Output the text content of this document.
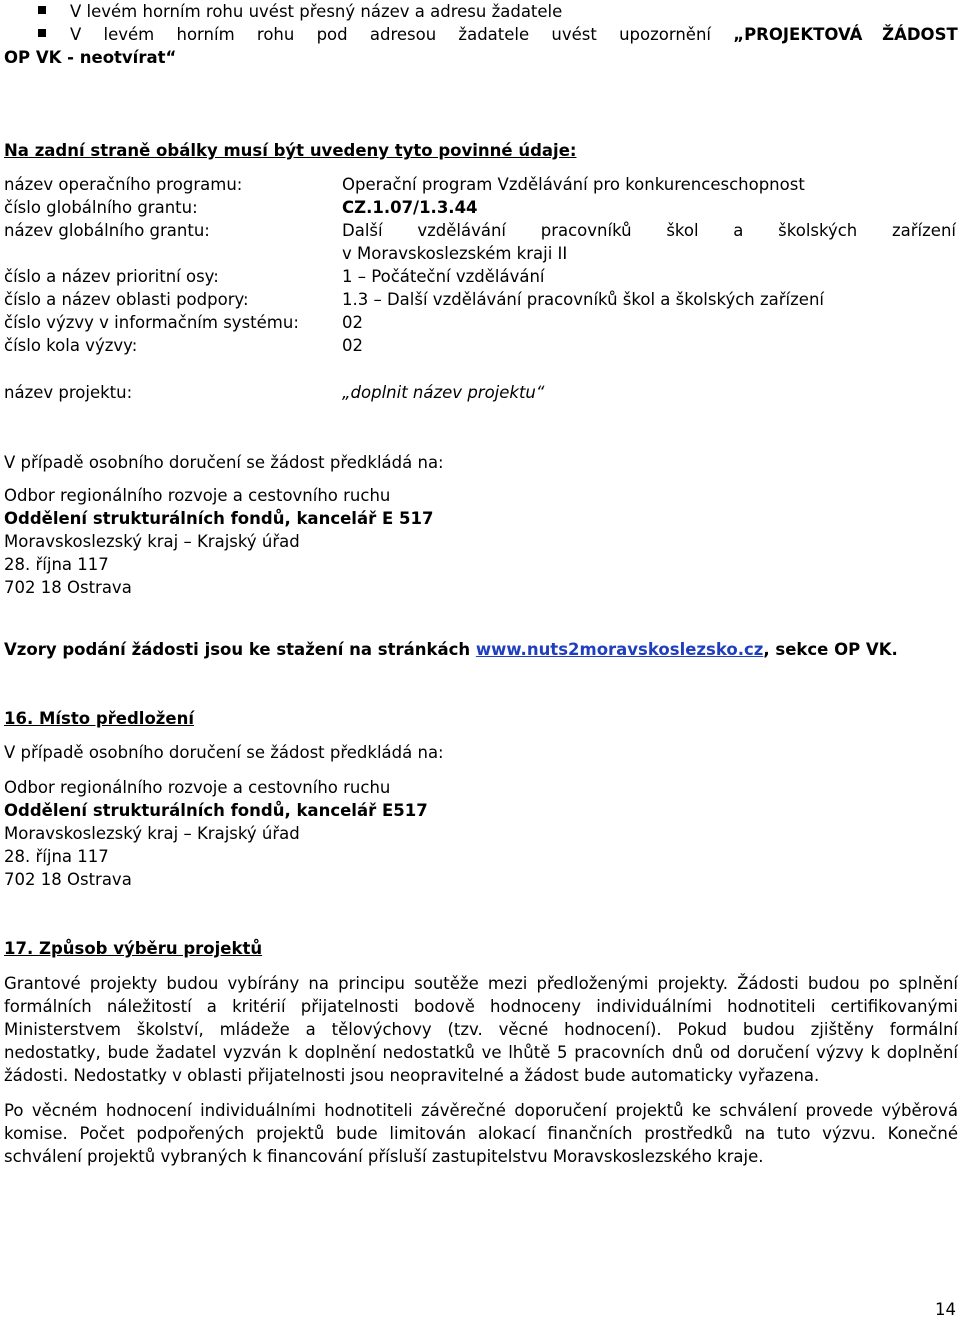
V levém horním rohu uvést přesný název a adresu žadatele
V levém horním rohu pod adresou žadatele uvést upozornění „PROJEKTOVÁ ŽÁDOST
OP VK - neotvírat“
Na zadní straně obálky musí být uvedeny tyto povinné údaje:
název operačního programu:	Operační program Vzdělávání pro konkurenceschopnost
číslo globálního grantu:	CZ.1.07/1.3.44
název globálního grantu:	Další vzdělávání pracovníků škol a školských zařízení
v Moravskoslezském kraji II
číslo a název prioritní osy:	1 – Počáteční vzdělávání
číslo a název oblasti podpory:	1.3 – Další vzdělávání pracovníků škol a školských zařízení
číslo výzvy v informačním systému:	02
číslo kola výzvy:	02
název projektu:	„doplnit název projektu“
V případě osobního doručení se žádost předkládá na:
Odbor regionálního rozvoje a cestovního ruchu
Oddělení strukturálních fondů, kancelář E 517
Moravskoslezský kraj – Krajský úřad
28. října 117
702 18 Ostrava
Vzory podání žádosti jsou ke stažení na stránkách www.nuts2moravskoslezsko.cz, sekce OP VK.
16. Místo předložení
V případě osobního doručení se žádost předkládá na:
Odbor regionálního rozvoje a cestovního ruchu
Oddělení strukturálních fondů, kancelář E517
Moravskoslezský kraj – Krajský úřad
28. října 117
702 18 Ostrava
17. Způsob výběru projektů
Grantové projekty budou vybírány na principu soutěže mezi předloženými projekty. Žádosti budou po splnění
formálních náležitostí a kritérií přijatelnosti bodově hodnoceny individuálními hodnotiteli certifikovanými
Ministerstvem školství, mládeže a tělovýchovy (tzv. věcné hodnocení). Pokud budou zjištěny formální
nedostatky, bude žadatel vyzván k doplnění nedostatků ve lhůtě 5 pracovních dnů od doručení výzvy k doplnění
žádosti. Nedostatky v oblasti přijatelnosti jsou neopravitelné a žádost bude automaticky vyřazena.
Po věcném hodnocení individuálními hodnotiteli závěrečné doporučení projektů ke schválení provede výběrová
komise. Počet podpořených projektů bude limitován alokací finančních prostředků na tuto výzvu. Konečné
schválení projektů vybraných k financování přísluší zastupitelstvu Moravskoslezského kraje.
14
